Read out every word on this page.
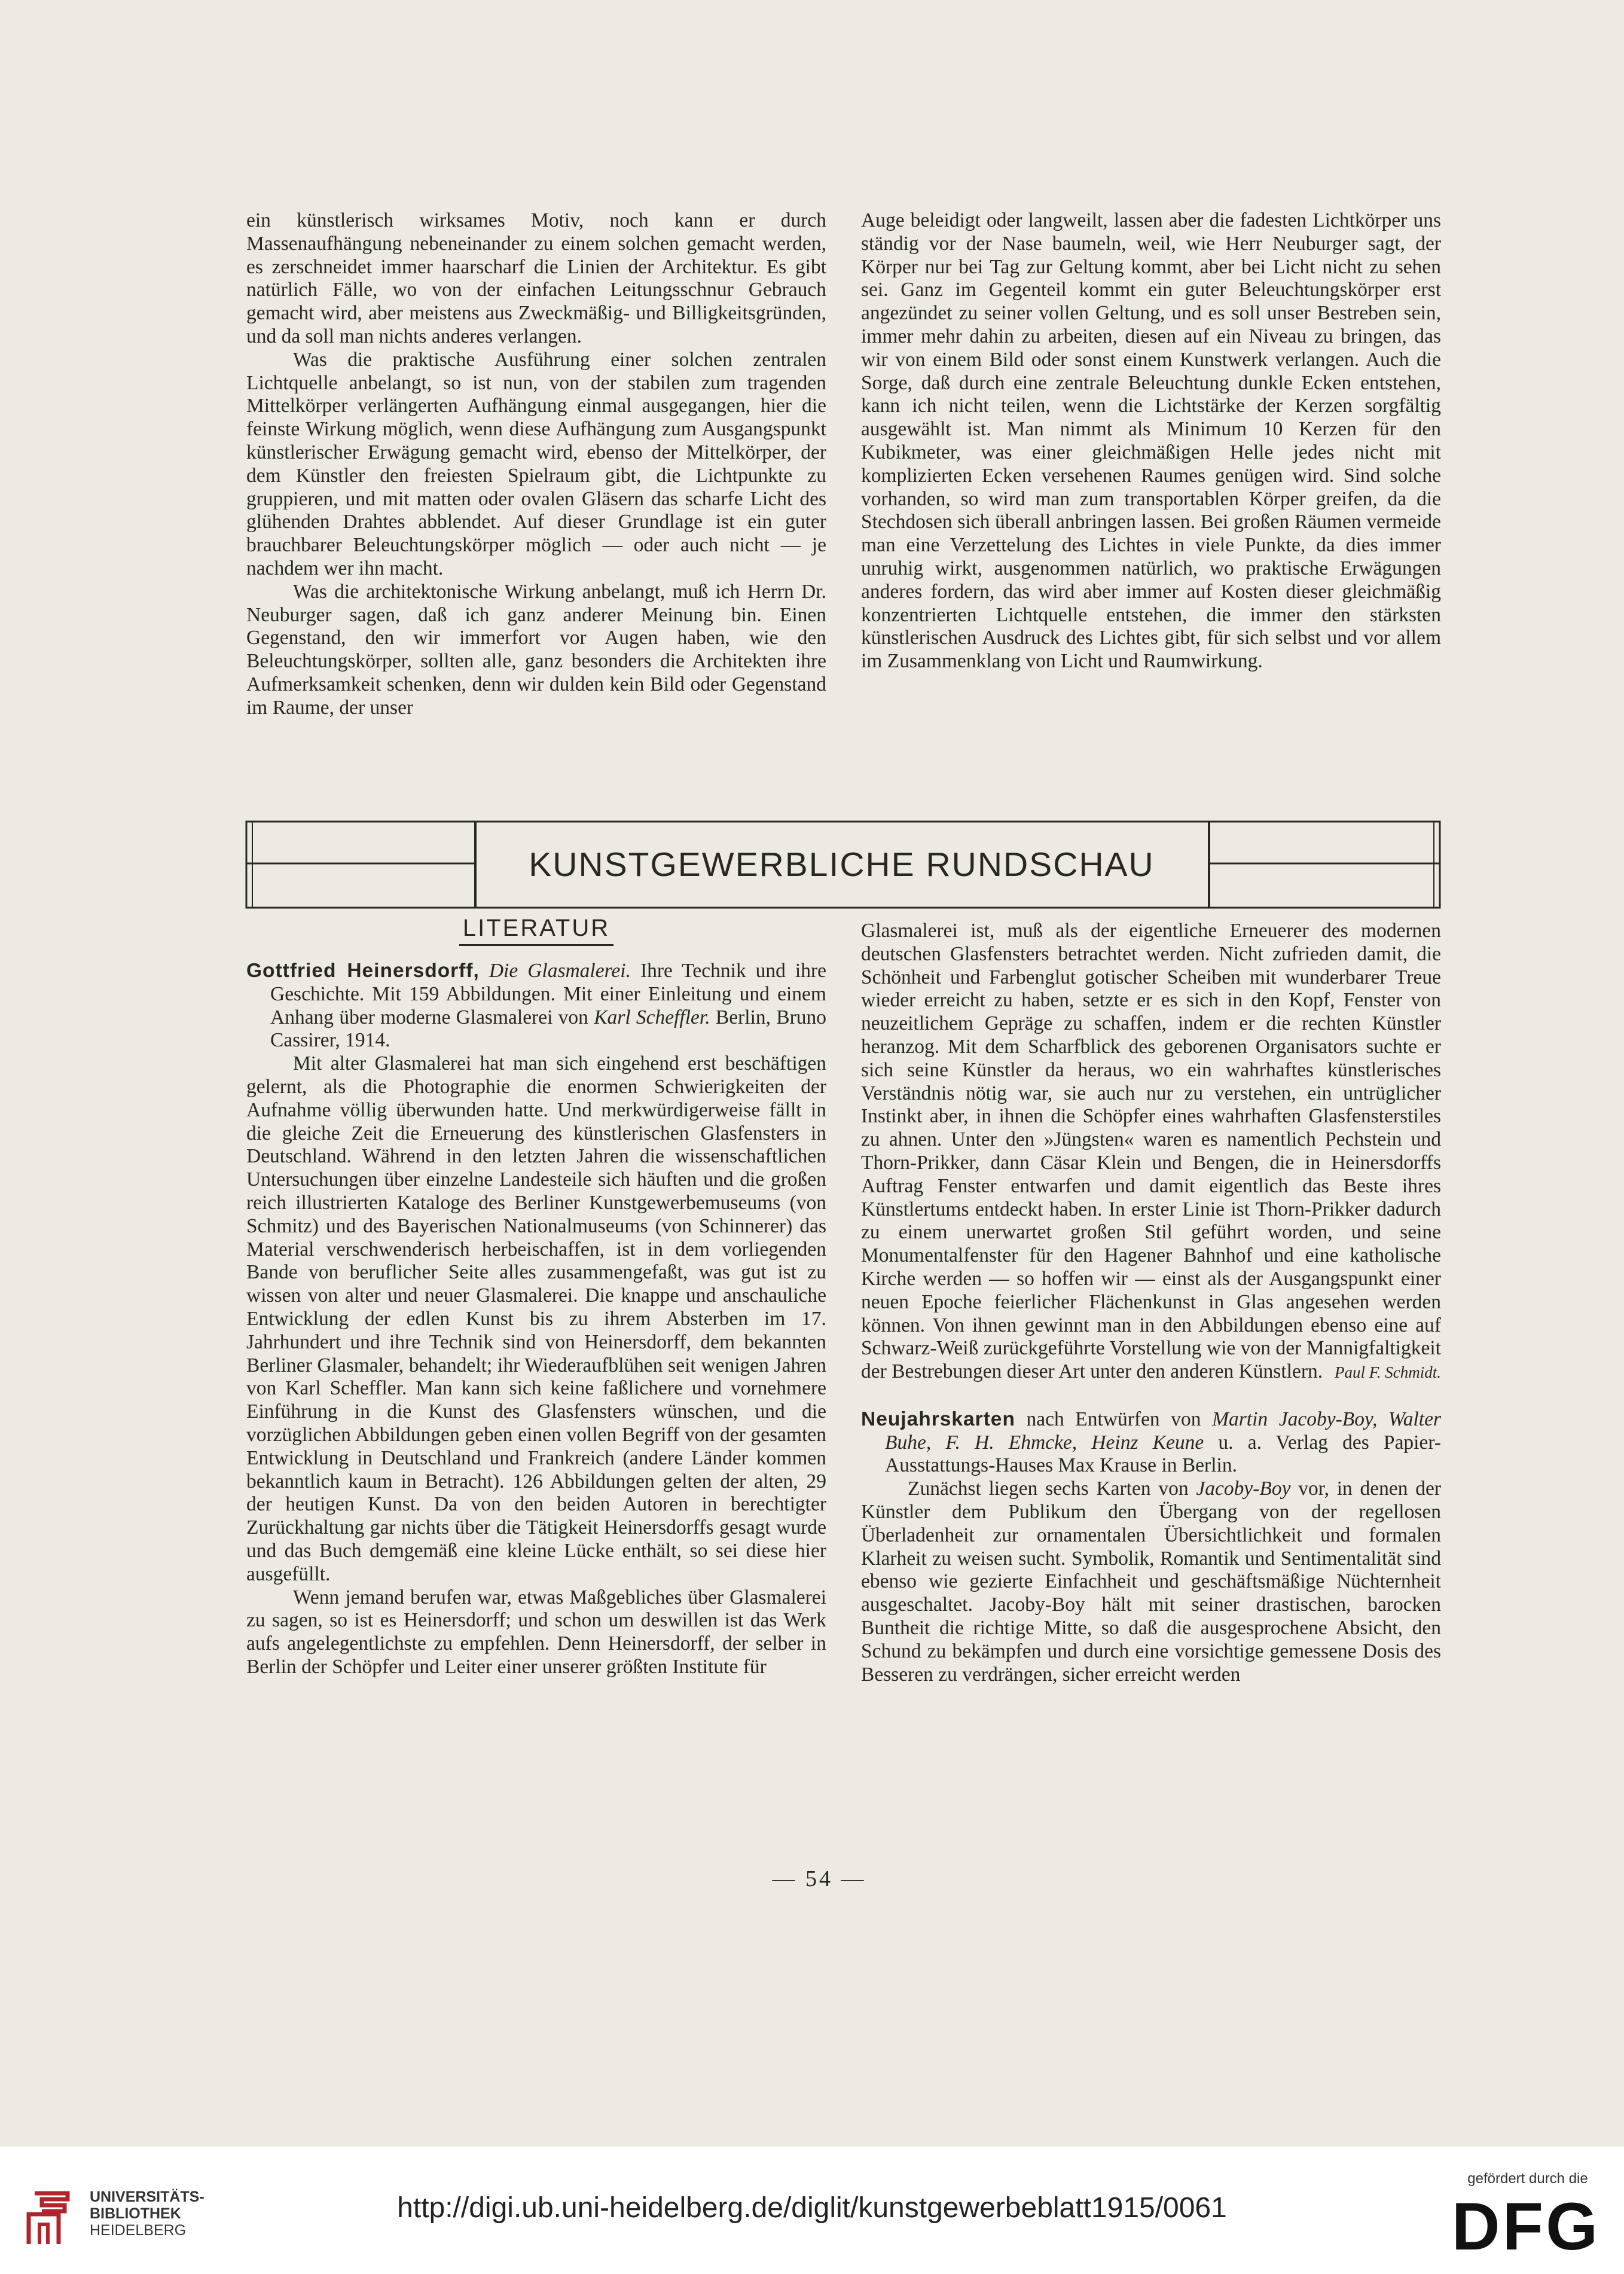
ein künstlerisch wirksames Motiv, noch kann er durch Massenaufhängung nebeneinander zu einem solchen gemacht werden, es zerschneidet immer haarscharf die Linien der Architektur. Es gibt natürlich Fälle, wo von der einfachen Leitungsschnur Gebrauch gemacht wird, aber meistens aus Zweckmäßig- und Billigkeitsgründen, und da soll man nichts anderes verlangen.

Was die praktische Ausführung einer solchen zentralen Lichtquelle anbelangt, so ist nun, von der stabilen zum tragenden Mittelkörper verlängerten Aufhängung einmal ausgegangen, hier die feinste Wirkung möglich, wenn diese Aufhängung zum Ausgangspunkt künstlerischer Erwägung gemacht wird, ebenso der Mittelkörper, der dem Künstler den freiesten Spielraum gibt, die Lichtpunkte zu gruppieren, und mit matten oder ovalen Gläsern das scharfe Licht des glühenden Drahtes abblendet. Auf dieser Grundlage ist ein guter brauchbarer Beleuchtungskörper möglich — oder auch nicht — je nachdem wer ihn macht.

Was die architektonische Wirkung anbelangt, muß ich Herrn Dr. Neuburger sagen, daß ich ganz anderer Meinung bin. Einen Gegenstand, den wir immerfort vor Augen haben, wie den Beleuchtungskörper, sollten alle, ganz besonders die Architekten ihre Aufmerksamkeit schenken, denn wir dulden kein Bild oder Gegenstand im Raume, der unser

Auge beleidigt oder langweilt, lassen aber die fadesten Lichtkörper uns ständig vor der Nase baumeln, weil, wie Herr Neuburger sagt, der Körper nur bei Tag zur Geltung kommt, aber bei Licht nicht zu sehen sei. Ganz im Gegenteil kommt ein guter Beleuchtungskörper erst angezündet zu seiner vollen Geltung, und es soll unser Bestreben sein, immer mehr dahin zu arbeiten, diesen auf ein Niveau zu bringen, das wir von einem Bild oder sonst einem Kunstwerk verlangen. Auch die Sorge, daß durch eine zentrale Beleuchtung dunkle Ecken entstehen, kann ich nicht teilen, wenn die Lichtstärke der Kerzen sorgfältig ausgewählt ist. Man nimmt als Minimum 10 Kerzen für den Kubikmeter, was einer gleichmäßigen Helle jedes nicht mit komplizierten Ecken versehenen Raumes genügen wird. Sind solche vorhanden, so wird man zum transportablen Körper greifen, da die Stechdosen sich überall anbringen lassen. Bei großen Räumen vermeide man eine Verzettelung des Lichtes in viele Punkte, da dies immer unruhig wirkt, ausgenommen natürlich, wo praktische Erwägungen anderes fordern, das wird aber immer auf Kosten dieser gleichmäßig konzentrierten Lichtquelle entstehen, die immer den stärksten künstlerischen Ausdruck des Lichtes gibt, für sich selbst und vor allem im Zusammenklang von Licht und Raumwirkung.

KUNSTGEWERBLICHE RUNDSCHAU
LITERATUR

Gottfried Heinersdorff, Die Glasmalerei. Ihre Technik und ihre Geschichte. Mit 159 Abbildungen. Mit einer Einleitung und einem Anhang über moderne Glasmalerei von Karl Scheffler. Berlin, Bruno Cassirer, 1914.

Mit alter Glasmalerei hat man sich eingehend erst beschäftigen gelernt, als die Photographie die enormen Schwierigkeiten der Aufnahme völlig überwunden hatte. Und merkwürdigerweise fällt in die gleiche Zeit die Erneuerung des künstlerischen Glasfensters in Deutschland. Während in den letzten Jahren die wissenschaftlichen Untersuchungen über einzelne Landesteile sich häuften und die großen reich illustrierten Kataloge des Berliner Kunstgewerbemuseums (von Schmitz) und des Bayerischen Nationalmuseums (von Schinnerer) das Material verschwenderisch herbeischaffen, ist in dem vorliegenden Bande von beruflicher Seite alles zusammengefaßt, was gut ist zu wissen von alter und neuer Glasmalerei. Die knappe und anschauliche Entwicklung der edlen Kunst bis zu ihrem Absterben im 17. Jahrhundert und ihre Technik sind von Heinersdorff, dem bekannten Berliner Glasmaler, behandelt; ihr Wiederaufblühen seit wenigen Jahren von Karl Scheffler. Man kann sich keine faßlichere und vornehmere Einführung in die Kunst des Glasfensters wünschen, und die vorzüglichen Abbildungen geben einen vollen Begriff von der gesamten Entwicklung in Deutschland und Frankreich (andere Länder kommen bekanntlich kaum in Betracht). 126 Abbildungen gelten der alten, 29 der heutigen Kunst. Da von den beiden Autoren in berechtigter Zurückhaltung gar nichts über die Tätigkeit Heinersdorffs gesagt wurde und das Buch demgemäß eine kleine Lücke enthält, so sei diese hier ausgefüllt.

Wenn jemand berufen war, etwas Maßgebliches über Glasmalerei zu sagen, so ist es Heinersdorff; und schon um deswillen ist das Werk aufs angelegentlichste zu empfehlen. Denn Heinersdorff, der selber in Berlin der Schöpfer und Leiter einer unserer größten Institute für

Glasmalerei ist, muß als der eigentliche Erneuerer des modernen deutschen Glasfensters betrachtet werden. Nicht zufrieden damit, die Schönheit und Farbenglut gotischer Scheiben mit wunderbarer Treue wieder erreicht zu haben, setzte er es sich in den Kopf, Fenster von neuzeitlichem Gepräge zu schaffen, indem er die rechten Künstler heranzog. Mit dem Scharfblick des geborenen Organisators suchte er sich seine Künstler da heraus, wo ein wahrhaftes künstlerisches Verständnis nötig war, sie auch nur zu verstehen, ein untrüglicher Instinkt aber, in ihnen die Schöpfer eines wahrhaften Glasfensterstiles zu ahnen. Unter den »Jüngsten« waren es namentlich Pechstein und Thorn-Prikker, dann Cäsar Klein und Bengen, die in Heinersdorffs Auftrag Fenster entwarfen und damit eigentlich das Beste ihres Künstlertums entdeckt haben. In erster Linie ist Thorn-Prikker dadurch zu einem unerwartet großen Stil geführt worden, und seine Monumentalfenster für den Hagener Bahnhof und eine katholische Kirche werden — so hoffen wir — einst als der Ausgangspunkt einer neuen Epoche feierlicher Flächenkunst in Glas angesehen werden können. Von ihnen gewinnt man in den Abbildungen ebenso eine auf Schwarz-Weiß zurückgeführte Vorstellung wie von der Mannigfaltigkeit der Bestrebungen dieser Art unter den anderen Künstlern. Paul F. Schmidt.

Neujahrskarten nach Entwürfen von Martin Jacoby-Boy, Walter Buhe, F. H. Ehmcke, Heinz Keune u. a. Verlag des Papier-Ausstattungs-Hauses Max Krause in Berlin.

Zunächst liegen sechs Karten von Jacoby-Boy vor, in denen der Künstler dem Publikum den Übergang von der regellosen Überladenheit zur ornamentalen Übersichtlichkeit und formalen Klarheit zu weisen sucht. Symbolik, Romantik und Sentimentalität sind ebenso wie gezierte Einfachheit und geschäftsmäßige Nüchternheit ausgeschaltet. Jacoby-Boy hält mit seiner drastischen, barocken Buntheit die richtige Mitte, so daß die ausgesprochene Absicht, den Schund zu bekämpfen und durch eine vorsichtige gemessene Dosis des Besseren zu verdrängen, sicher erreicht werden

— 54 —
UNIVERSITÄTS-
BIBLIOTHEK
HEIDELBERG
http://digi.ub.uni-heidelberg.de/diglit/kunstgewerbeblatt1915/0061
gefördert durch die
DFG
